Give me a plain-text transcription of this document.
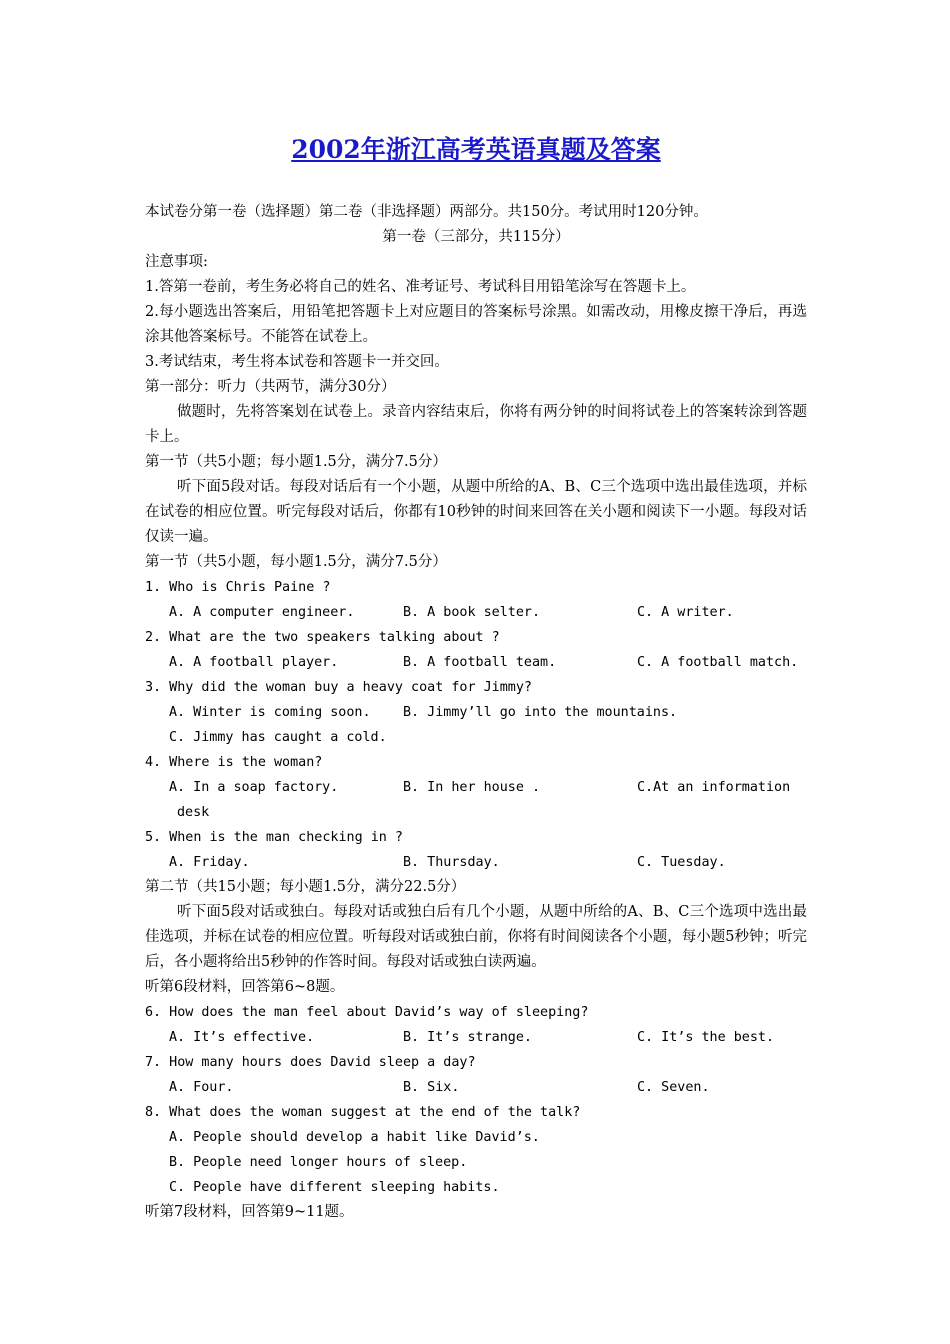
2002年浙江高考英语真题及答案
本试卷分第一卷（选择题）第二卷（非选择题）两部分。共150分。考试用时120分钟。
第一卷（三部分，共115分）
注意事项:
1.答第一卷前，考生务必将自己的姓名、准考证号、考试科目用铅笔涂写在答题卡上。
2.每小题选出答案后，用铅笔把答题卡上对应题目的答案标号涂黑。如需改动，用橡皮擦干净后，再选涂其他答案标号。不能答在试卷上。
3.考试结束，考生将本试卷和答题卡一并交回。
第一部分：听力（共两节，满分30分）
做题时，先将答案划在试卷上。录音内容结束后，你将有两分钟的时间将试卷上的答案转涂到答题卡上。
第一节（共5小题；每小题1.5分，满分7.5分）
听下面5段对话。每段对话后有一个小题，从题中所给的A、B、C三个选项中选出最佳选项，并标在试卷的相应位置。听完每段对话后，你都有10秒钟的时间来回答在关小题和阅读下一小题。每段对话仅读一遍。
第一节（共5小题，每小题1.5分，满分7.5分）
1. Who is Chris Paine ?
A. A computer engineer.	B. A book selter.	C. A writer.
2. What are the two speakers talking about ?
A. A football player.	B. A football team.	C. A football match.
3. Why did the woman buy a heavy coat for Jimmy?
A. Winter is coming soon.	B. Jimmy’ll go into the mountains.
C. Jimmy has caught a cold.
4. Where is the woman?
A. In a soap factory.	B. In her house .	C.At an information
desk
5. When is the man checking in ?
A. Friday.	B. Thursday.	C. Tuesday.
第二节（共15小题；每小题1.5分，满分22.5分）
听下面5段对话或独白。每段对话或独白后有几个小题，从题中所给的A、B、C三个选项中选出最佳选项，并标在试卷的相应位置。听每段对话或独白前，你将有时间阅读各个小题，每小题5秒钟；听完后，各小题将给出5秒钟的作答时间。每段对话或独白读两遍。
听第6段材料，回答第6~8题。
6. How does the man feel about David’s way of sleeping?
A. It’s effective.	B. It’s strange.	C. It’s the best.
7. How many hours does David sleep a day?
A. Four.	B. Six.	C. Seven.
8. What does the woman suggest at the end of the talk?
A. People should develop a habit like David’s.
B. People need longer hours of sleep.
C. People have different sleeping habits.
听第7段材料，回答第9~11题。
